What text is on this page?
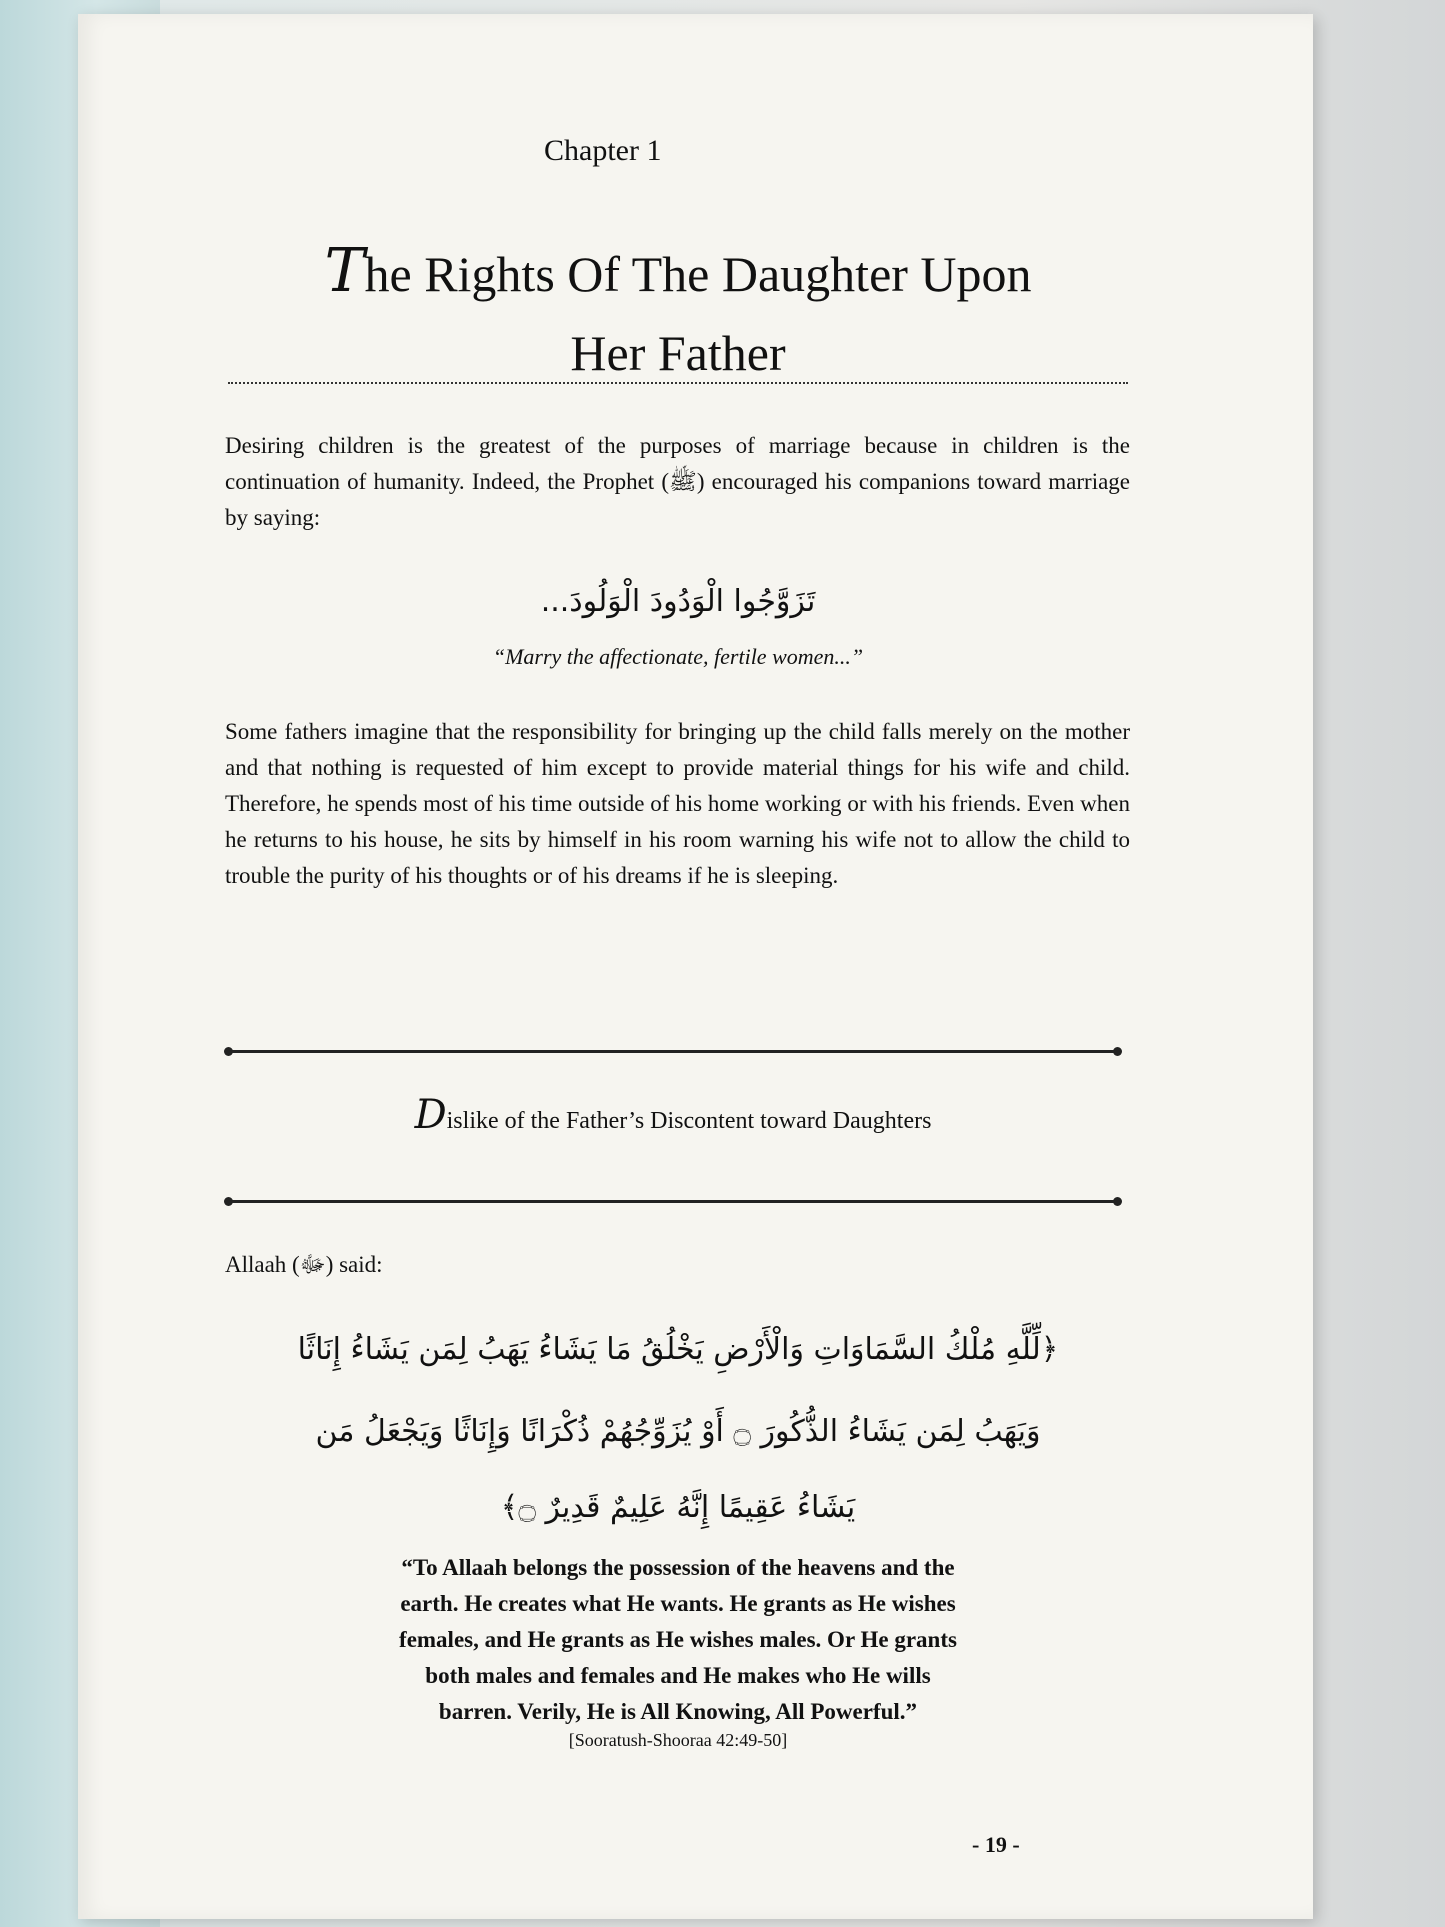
Chapter 1
The Rights Of The Daughter Upon
Her Father
Desiring children is the greatest of the purposes of marriage because in children is the continuation of humanity. Indeed, the Prophet (ﷺ) encouraged his companions toward marriage by saying:
تَزَوَّجُوا الْوَدُودَ الْوَلُودَ...
“Marry the affectionate, fertile women...”
Some fathers imagine that the responsibility for bringing up the child falls merely on the mother and that nothing is requested of him except to provide material things for his wife and child. Therefore, he spends most of his time outside of his home working or with his friends. Even when he returns to his house, he sits by himself in his room warning his wife not to allow the child to trouble the purity of his thoughts or of his dreams if he is sleeping.
Dislike of the Father’s Discontent toward Daughters
Allaah (ﷻ) said:
﴿لِّلَّهِ مُلْكُ السَّمَاوَاتِ وَالْأَرْضِ يَخْلُقُ مَا يَشَاءُ يَهَبُ لِمَن يَشَاءُ إِنَاثًا
وَيَهَبُ لِمَن يَشَاءُ الذُّكُورَ ۝ أَوْ يُزَوِّجُهُمْ ذُكْرَانًا وَإِنَاثًا وَيَجْعَلُ مَن
يَشَاءُ عَقِيمًا إِنَّهُ عَلِيمٌ قَدِيرٌ ۝﴾
“To Allaah belongs the possession of the heavens and the
earth. He creates what He wants. He grants as He wishes
females, and He grants as He wishes males. Or He grants
both males and females and He makes who He wills
barren. Verily, He is All Knowing, All Powerful.”
[Sooratush-Shooraa 42:49-50]
- 19 -
